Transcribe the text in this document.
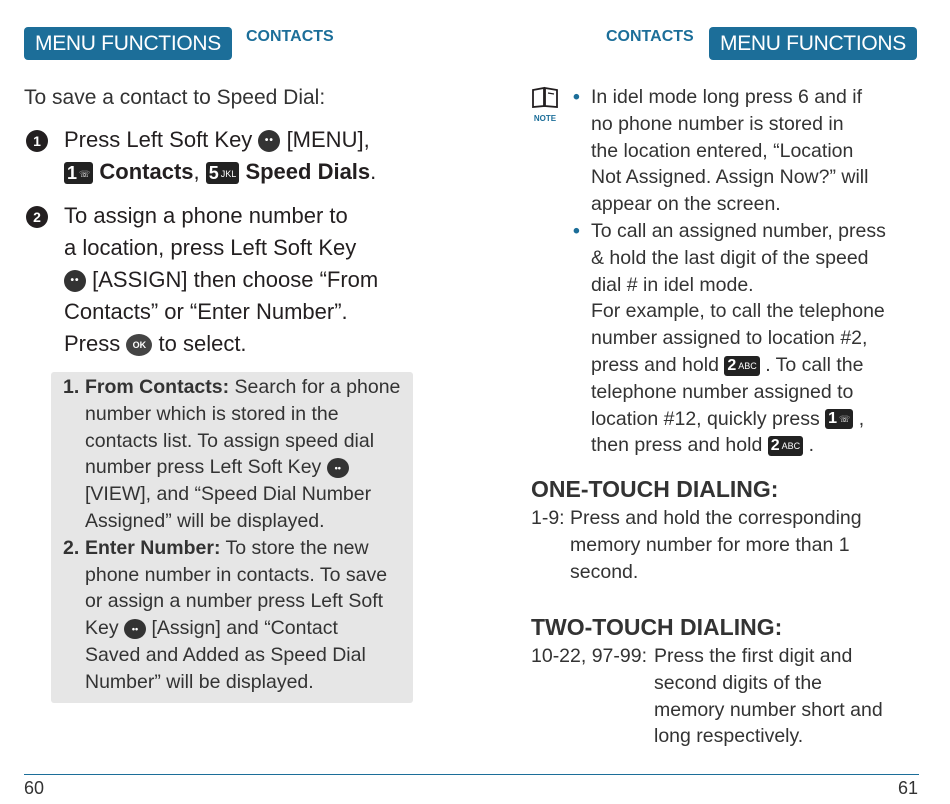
MENU FUNCTIONS	CONTACTS
To save a contact to Speed Dial:
1	Press Left Soft Key •• [MENU],
1 ☏ Contacts, 5 JKL Speed Dials.
2	To assign a phone number to
a location, press Left Soft Key
•• [ASSIGN] then choose “From
Contacts” or “Enter Number”.
Press OK to select.
1. From Contacts: Search for a phone
number which is stored in the
contacts list. To assign speed dial
number press Left Soft Key ••
[VIEW], and “Speed Dial Number
Assigned” will be displayed.
2. Enter Number: To store the new
phone number in contacts. To save
or assign a number press Left Soft
Key •• [Assign] and “Contact
Saved and Added as Speed Dial
Number” will be displayed.
60
CONTACTS	MENU FUNCTIONS
NOTE
• In idel mode long press 6 and if
no phone number is stored in
the location entered, “Location
Not Assigned. Assign Now?” will
appear on the screen.
• To call an assigned number, press
& hold the last digit of the speed
dial # in idel mode.
For example, to call the telephone
number assigned to location #2,
press and hold 2 ABC . To call the
telephone number assigned to
location #12, quickly press 1 ☏ ,
then press and hold 2 ABC .
ONE-TOUCH DIALING:
1-9: Press and hold the corresponding
memory number for more than 1
second.
TWO-TOUCH DIALING:
10-22, 97-99: Press the first digit and
second digits of the
memory number short and
long respectively.
61
